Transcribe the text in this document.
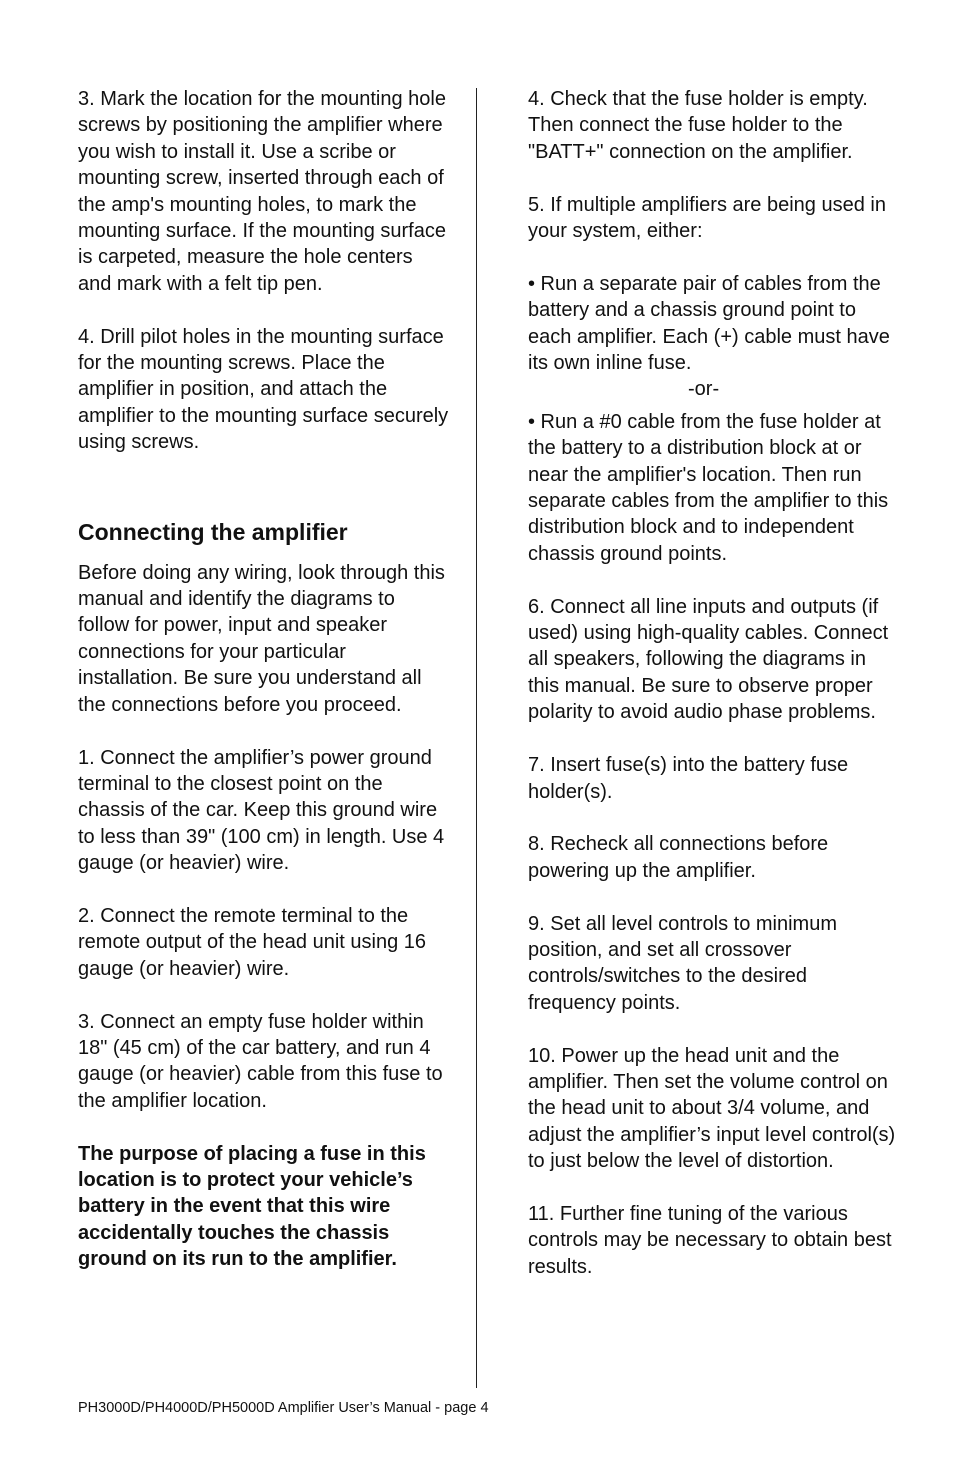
3. Mark the location for the mounting hole screws by positioning the amplifier where you wish to install it. Use a scribe or mounting screw, inserted through each of the amp's mounting holes, to mark the mounting surface. If the mounting surface is carpeted, measure the hole centers and mark with a felt tip pen.

4. Drill pilot holes in the mounting surface for the mounting screws. Place the amplifier in position, and attach the amplifier to the mounting surface securely using screws.

Connecting the amplifier

Before doing any wiring, look through this manual and identify the diagrams to follow for power, input and speaker connections for your particular installation. Be sure you understand all the connections before you proceed.

1. Connect the amplifier’s power ground terminal to the closest point on the chassis of the car. Keep this ground wire to less than 39" (100 cm) in length. Use 4 gauge (or heavier) wire.

2. Connect the remote terminal to the remote output of the head unit using 16 gauge (or heavier) wire.

3. Connect an empty fuse holder within 18" (45 cm) of the car battery, and run 4 gauge (or heavier) cable from this fuse to the amplifier location.

The purpose of placing a fuse in this location is to protect your vehicle’s battery in the event that this wire accidentally touches the chassis ground on its run to the amplifier.

4. Check that the fuse holder is empty. Then connect the fuse holder to the "BATT+" connection on the amplifier.

5. If multiple amplifiers are being used in your system, either:

• Run a separate pair of cables from the battery and a chassis ground point to each amplifier. Each (+) cable must have its own inline fuse.

-or-

• Run a #0 cable from the fuse holder at the battery to a distribution block at or near the amplifier's location. Then run separate cables from the amplifier to this distribution block and to independent chassis ground points.

6. Connect all line inputs and outputs (if used) using high-quality cables. Connect all speakers, following the diagrams in this manual. Be sure to observe proper polarity to avoid audio phase problems.

7. Insert fuse(s) into the battery fuse holder(s).

8. Recheck all connections before powering up the amplifier.

9. Set all level controls to minimum position, and set all crossover controls/switches to the desired frequency points.

10. Power up the head unit and the amplifier. Then set the volume control on the head unit to about 3/4 volume, and adjust the amplifier’s input level control(s) to just below the level of distortion.

11. Further fine tuning of the various controls may be necessary to obtain best results.

PH3000D/PH4000D/PH5000D Amplifier User’s Manual - page 4
